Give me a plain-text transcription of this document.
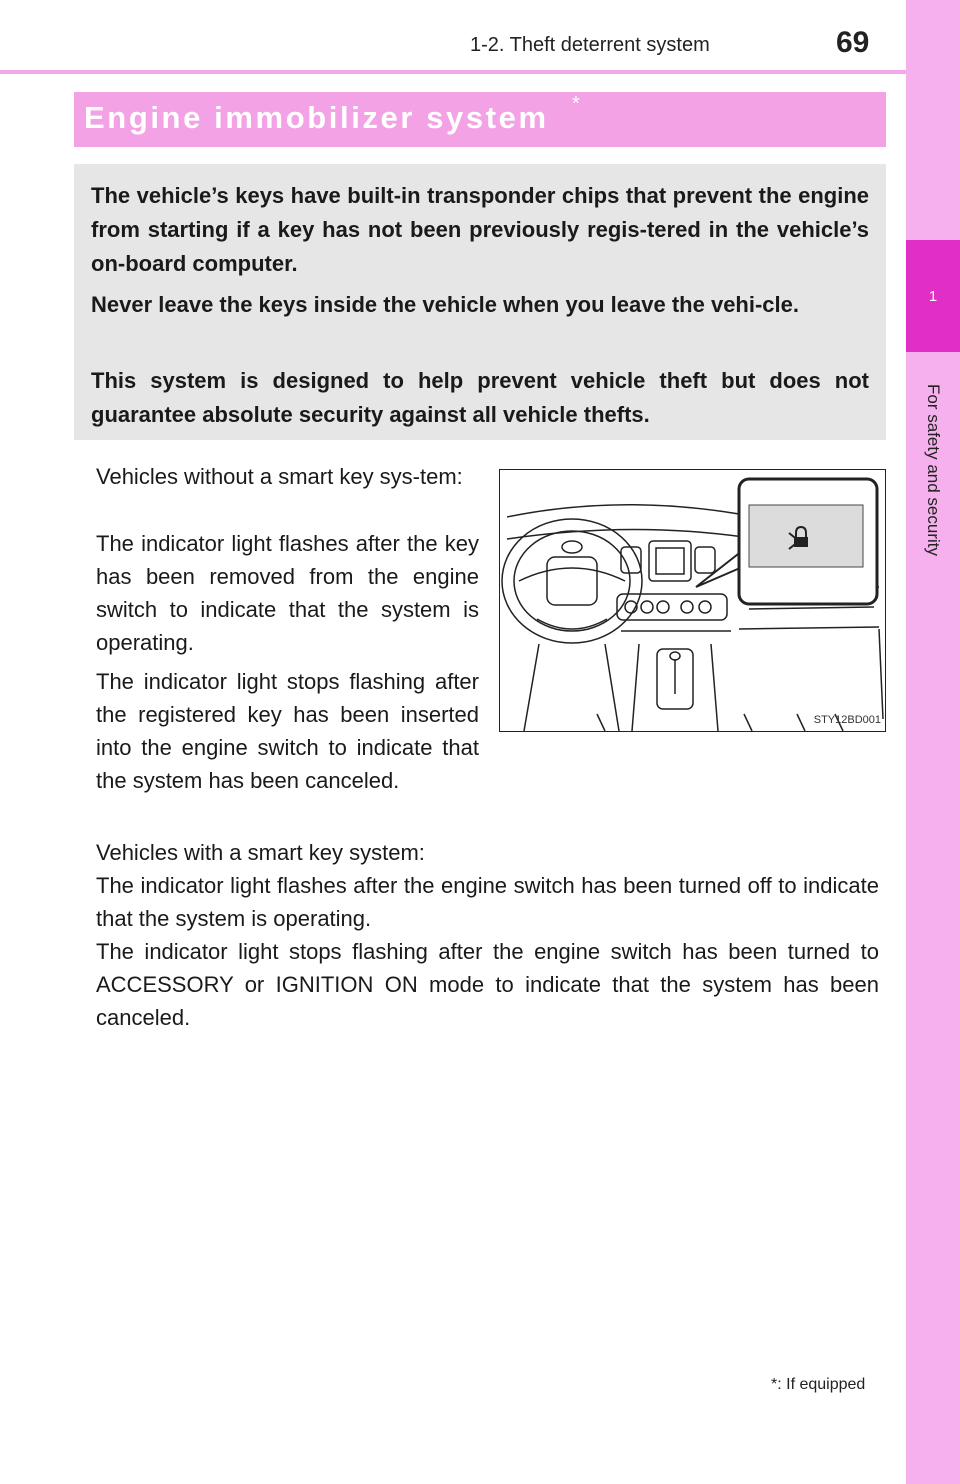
1
For safety and security
1-2. Theft deterrent system	69
Engine immobilizer system *

The vehicle’s keys have built-in transponder chips that prevent the engine from starting if a key has not been previously regis-tered in the vehicle’s on-board computer.

Never leave the keys inside the vehicle when you leave the vehi-cle.

This system is designed to help prevent vehicle theft but does not guarantee absolute security against all vehicle thefts.

Vehicles without a smart key sys-tem:

The indicator light flashes after the key has been removed from the engine switch to indicate that the system is operating.

The indicator light stops flashing after the registered key has been inserted into the engine switch to indicate that the system has been canceled.

Vehicles with a smart key system:

The indicator light flashes after the engine switch has been turned off to indicate that the system is operating.

The indicator light stops flashing after the engine switch has been turned to ACCESSORY or IGNITION ON mode to indicate that the system has been canceled.

STY12BD001
*: If equipped
